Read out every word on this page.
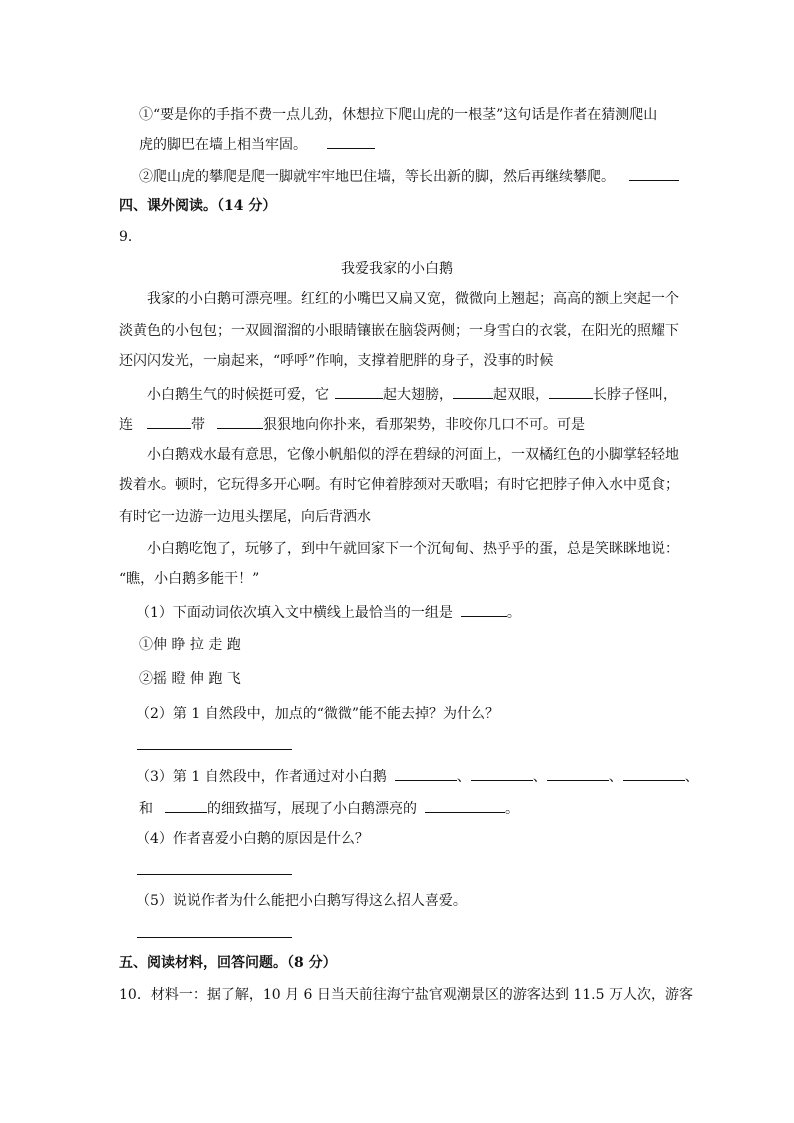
①“要是你的手指不费一点儿劲，休想拉下爬山虎的一根茎”这句话是作者在猜测爬山
虎的脚巴在墙上相当牢固。
②爬山虎的攀爬是爬一脚就牢牢地巴住墙，等长出新的脚，然后再继续攀爬。
四、课外阅读。（14 分）
9．
我爱我家的小白鹅
我家的小白鹅可漂亮哩。红红的小嘴巴又扁又宽，微微向上翘起；高高的额上突起一个
淡黄色的小包包；一双圆溜溜的小眼睛镶嵌在脑袋两侧；一身雪白的衣裳，在阳光的照耀下
还闪闪发光，一扇起来，“呼呼”作响，支撑着肥胖的身子，没事的时候
小白鹅生气的时候挺可爱，它	起大翅膀，	起双眼，	长脖子怪叫，
连	带	狠狠地向你扑来，看那架势，非咬你几口不可。可是
小白鹅戏水最有意思，它像小帆船似的浮在碧绿的河面上，一双橘红色的小脚掌轻轻地
拨着水。顿时，它玩得多开心啊。有时它伸着脖颈对天歌唱；有时它把脖子伸入水中觅食；
有时它一边游一边甩头摆尾，向后背洒水
小白鹅吃饱了，玩够了，到中午就回家下一个沉甸甸、热乎乎的蛋，总是笑眯眯地说：
“瞧，小白鹅多能干！”
（1）下面动词依次填入文中横线上最恰当的一组是	。
①伸 睁 拉 走 跑
②摇 瞪 伸 跑 飞
（2）第 1 自然段中，加点的“微微”能不能去掉？为什么？
（3）第 1 自然段中，作者通过对小白鹅	、	、	、	、
和	的细致描写，展现了小白鹅漂亮的	。
（4）作者喜爱小白鹅的原因是什么？
（5）说说作者为什么能把小白鹅写得这么招人喜爱。
五、阅读材料，回答问题。（8 分）
10．材料一：据了解，10 月 6 日当天前往海宁盐官观潮景区的游客达到 11.5 万人次，游客
